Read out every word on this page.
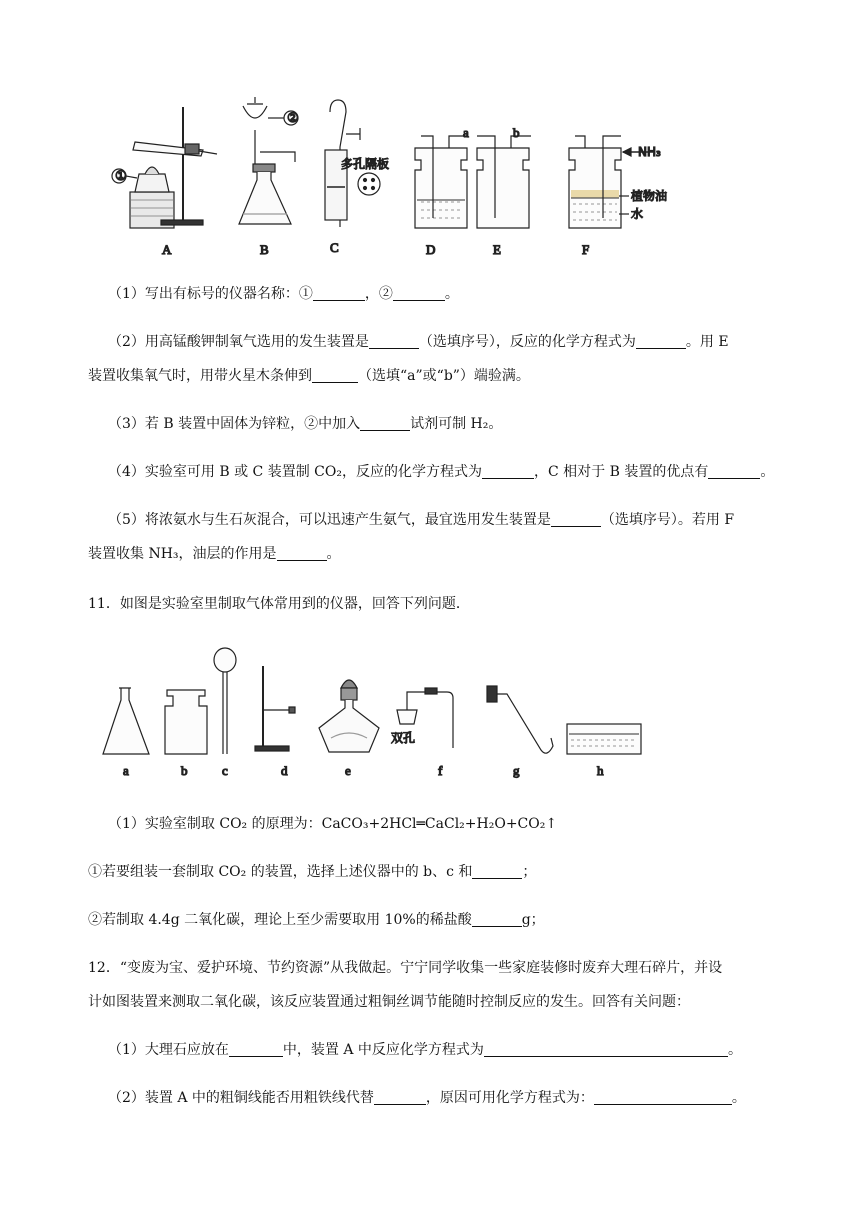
①
A
②
B
多孔隔板
C	D
a	b
E
NH₃
植物油
水
F
（1）写出有标号的仪器名称：①	，②	。
（2）用高锰酸钾制氧气选用的发生装置是	（选填序号），反应的化学方程式为	。用 E
装置收集氧气时，用带火星木条伸到	（选填“a”或“b”）端验满。
（3）若 B 装置中固体为锌粒，②中加入	试剂可制 H₂。
（4）实验室可用 B 或 C 装置制 CO₂，反应的化学方程式为	，C 相对于 B 装置的优点有	。
（5）将浓氨水与生石灰混合，可以迅速产生氨气，最宜选用发生装置是	（选填序号）。若用 F
装置收集 NH₃，油层的作用是	。
11．如图是实验室里制取气体常用到的仪器，回答下列问题．
双孔
a	b	c	d	e	f	g	h
（1）实验室制取 CO₂ 的原理为：CaCO₃+2HCl═CaCl₂+H₂O+CO₂↑
①若要组装一套制取 CO₂ 的装置，选择上述仪器中的 b、c 和	；
②若制取 4.4g 二氧化碳，理论上至少需要取用 10%的稀盐酸	g；
12．“变废为宝、爱护环境、节约资源”从我做起。宁宁同学收集一些家庭装修时废弃大理石碎片，并设
计如图装置来测取二氧化碳，该反应装置通过粗铜丝调节能随时控制反应的发生。回答有关问题：
（1）大理石应放在	中，装置 A 中反应化学方程式为	。
（2）装置 A 中的粗铜线能否用粗铁线代替	，原因可用化学方程式为：	。
